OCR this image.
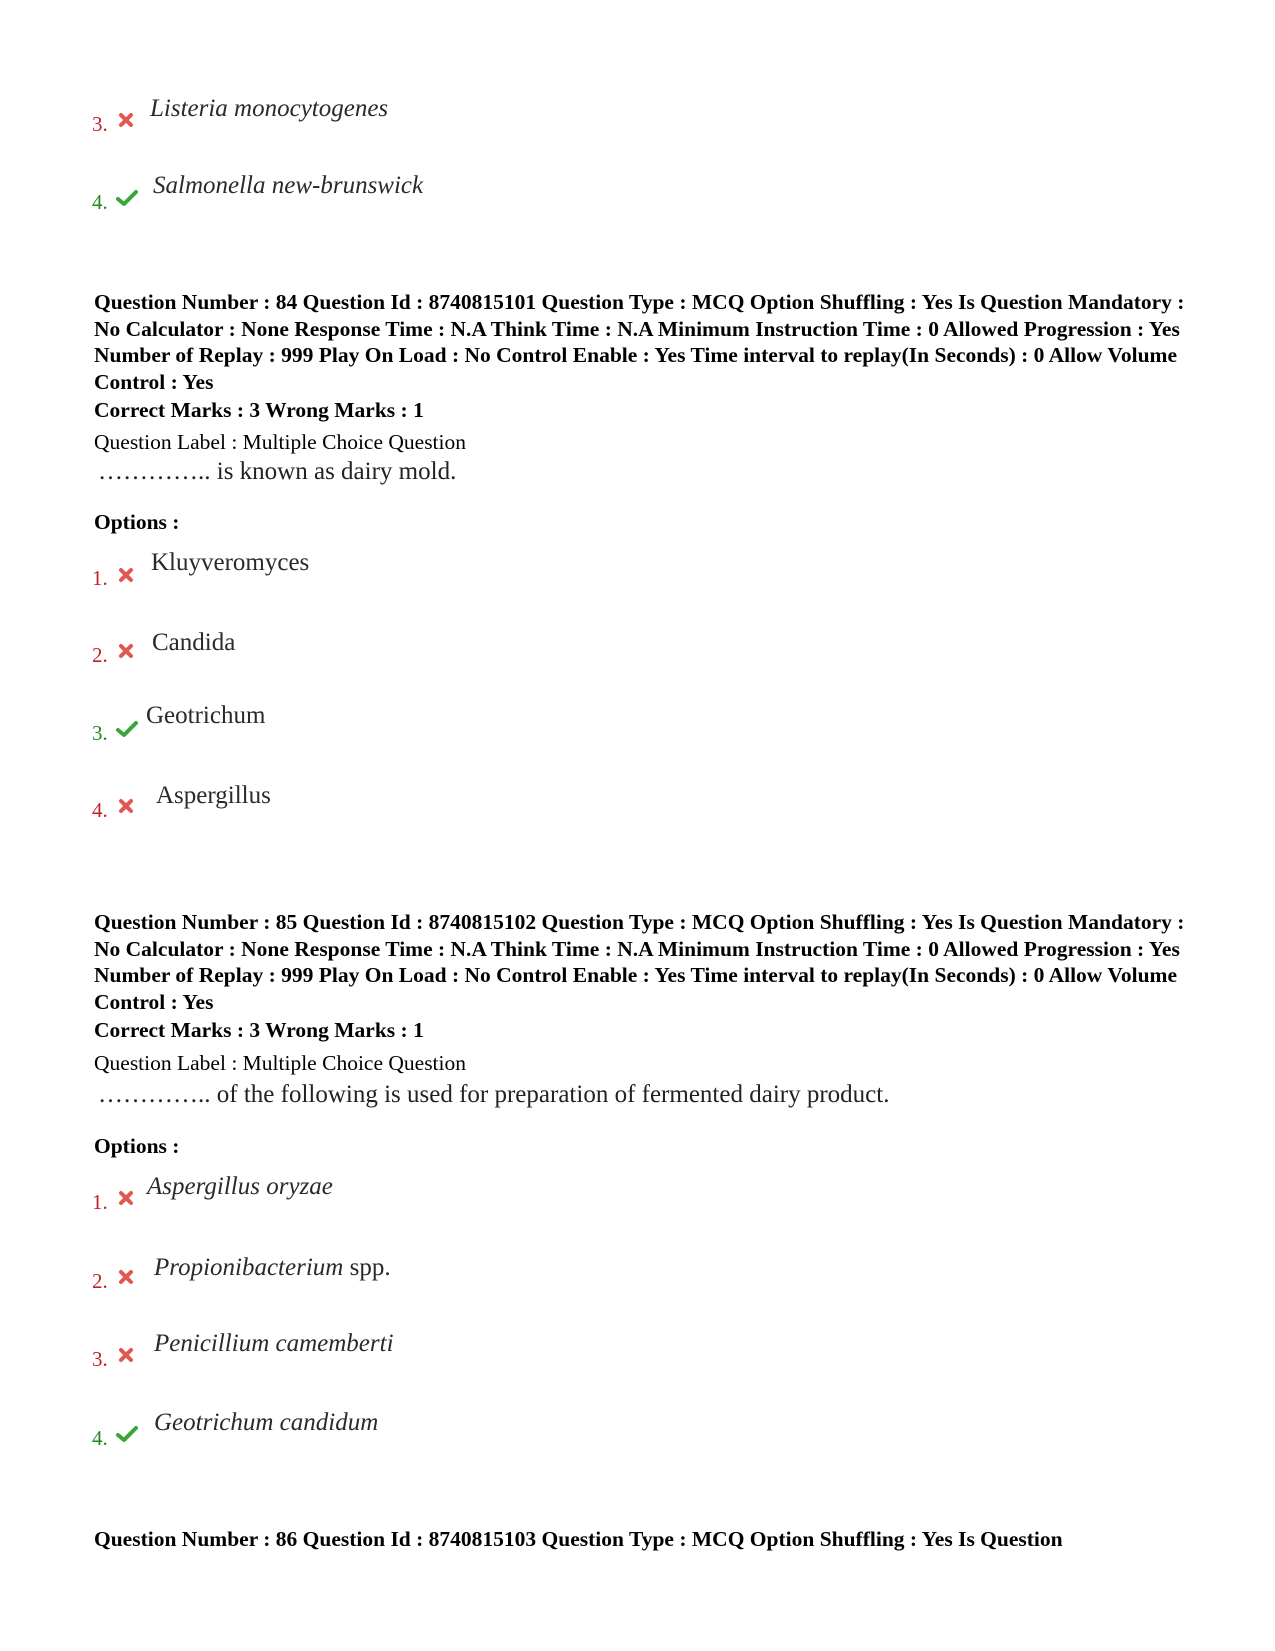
3.
Listeria monocytogenes
4.
Salmonella new-brunswick
Question Number : 84 Question Id : 8740815101 Question Type : MCQ Option Shuffling : Yes Is Question Mandatory : No Calculator : None Response Time : N.A Think Time : N.A Minimum Instruction Time : 0 Allowed Progression : Yes Number of Replay : 999 Play On Load : No Control Enable : Yes Time interval to replay(In Seconds) : 0 Allow Volume Control : Yes
Correct Marks : 3 Wrong Marks : 1
Question Label : Multiple Choice Question
………….. is known as dairy mold.
Options :
1.
Kluyveromyces
2. Candida
3.
Geotrichum
4.
Aspergillus
Question Number : 85 Question Id : 8740815102 Question Type : MCQ Option Shuffling : Yes Is Question Mandatory : No Calculator : None Response Time : N.A Think Time : N.A Minimum Instruction Time : 0 Allowed Progression : Yes Number of Replay : 999 Play On Load : No Control Enable : Yes Time interval to replay(In Seconds) : 0 Allow Volume Control : Yes
Correct Marks : 3 Wrong Marks : 1
Question Label : Multiple Choice Question
………….. of the following is used for preparation of fermented dairy product.
Options :
1.
Aspergillus oryzae
2. Propionibacterium spp.
3.
Penicillium camemberti
4.
Geotrichum candidum
Question Number : 86 Question Id : 8740815103 Question Type : MCQ Option Shuffling : Yes Is Question
